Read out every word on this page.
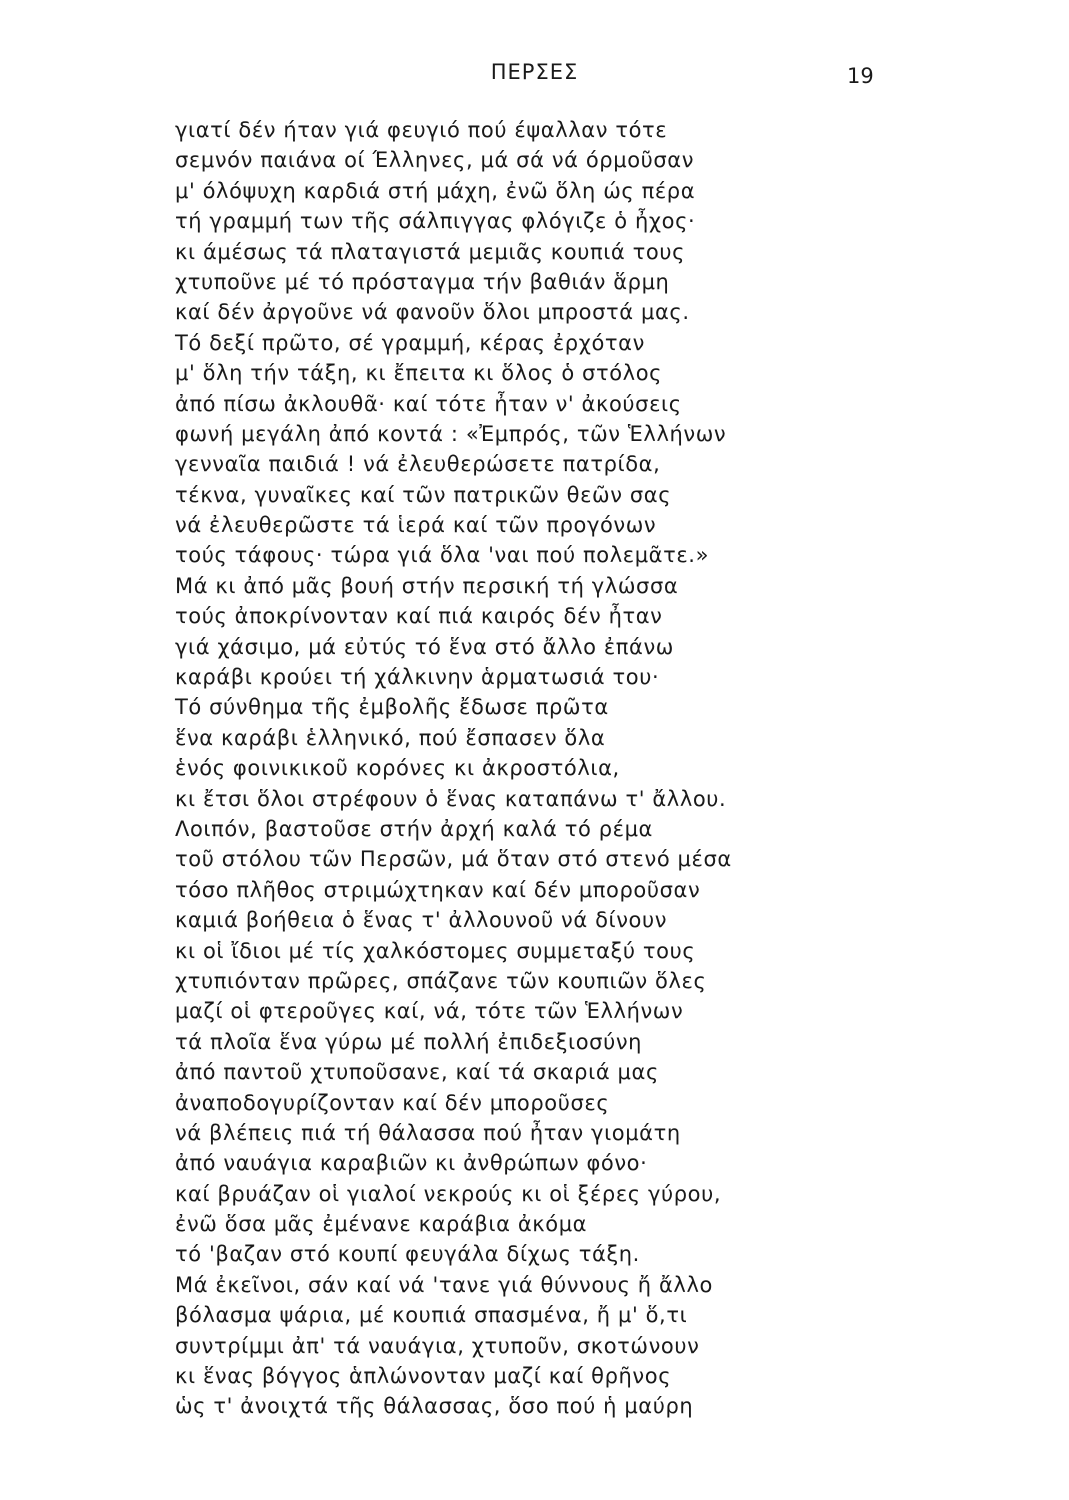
ΠΕΡΣΕΣ	19
γιατί δέν ήταν γιά φευγιό πού έψαλλαν τότε
σεμνόν παιάνα οί Έλληνες, μά σά νά όρμοῦσαν
μ' όλόψυχη καρδιά στή μάχη, ἐνῶ ὅλη ώς πέρα
τή γραμμή των τῆς σάλπιγγας φλόγιζε ὁ ἦχος·
κι άμέσως τά πλαταγιστά μεμιᾶς κουπιά τους
χτυποῦνε μέ τό πρόσταγμα τήν βαθιάν ἅρμη
καί δέν ἀργοῦνε νά φανοῦν ὅλοι μπροστά μας.
Τό δεξί πρῶτο, σέ γραμμή, κέρας ἐρχόταν
μ' ὅλη τήν τάξη, κι ἔπειτα κι ὅλος ὁ στόλος
ἀπό πίσω ἀκλουθᾶ· καί τότε ἦταν ν' ἀκούσεις
φωνή μεγάλη ἀπό κοντά : «Ἐμπρός, τῶν Ἑλλήνων
γενναῖα παιδιά ! νά ἐλευθερώσετε πατρίδα,
τέκνα, γυναῖκες καί τῶν πατρικῶν θεῶν σας
νά ἐλευθερῶστε τά ἱερά καί τῶν προγόνων
τούς τάφους· τώρα γιά ὅλα 'ναι πού πολεμᾶτε.»
Μά κι ἀπό μᾶς βουή στήν περσική τή γλώσσα
τούς ἀποκρίνονταν καί πιά καιρός δέν ἦταν
γιά χάσιμο, μά εὐτύς τό ἕνα στό ἄλλο ἐπάνω
καράβι κρούει τή χάλκινην ἁρματωσιά του·
Τό σύνθημα τῆς ἐμβολῆς ἔδωσε πρῶτα
ἕνα καράβι ἑλληνικό, πού ἔσπασεν ὅλα
ἑνός φοινικικοῦ κορόνες κι ἀκροστόλια,
κι ἔτσι ὅλοι στρέφουν ὁ ἕνας καταπάνω τ' ἄλλου.
Λοιπόν, βαστοῦσε στήν ἀρχή καλά τό ρέμα
τοῦ στόλου τῶν Περσῶν, μά ὅταν στό στενό μέσα
τόσο πλῆθος στριμώχτηκαν καί δέν μποροῦσαν
καμιά βοήθεια ὁ ἕνας τ' ἀλλουνοῦ νά δίνουν
κι οἱ ἴδιοι μέ τίς χαλκόστομες συμμεταξύ τους
χτυπιόνταν πρῶρες, σπάζανε τῶν κουπιῶν ὅλες
μαζί οἱ φτεροῦγες καί, νά, τότε τῶν Ἑλλήνων
τά πλοῖα ἕνα γύρω μέ πολλή ἐπιδεξιοσύνη
ἀπό παντοῦ χτυποῦσανε, καί τά σκαριά μας
ἀναποδογυρίζονταν καί δέν μποροῦσες
νά βλέπεις πιά τή θάλασσα πού ἦταν γιομάτη
ἀπό ναυάγια καραβιῶν κι ἀνθρώπων φόνο·
καί βρυάζαν οἱ γιαλοί νεκρούς κι οἱ ξέρες γύρου,
ἐνῶ ὅσα μᾶς ἐμένανε καράβια ἀκόμα
τό 'βαζαν στό κουπί φευγάλα δίχως τάξη.
Μά ἐκεῖνοι, σάν καί νά 'τανε γιά θύννους ἤ ἄλλο
βόλασμα ψάρια, μέ κουπιά σπασμένα, ἤ μ' ὅ,τι
συντρίμμι ἀπ' τά ναυάγια, χτυποῦν, σκοτώνουν
κι ἕνας βόγγος ἁπλώνονταν μαζί καί θρῆνος
ὡς τ' ἀνοιχτά τῆς θάλασσας, ὅσο πού ἡ μαύρη
